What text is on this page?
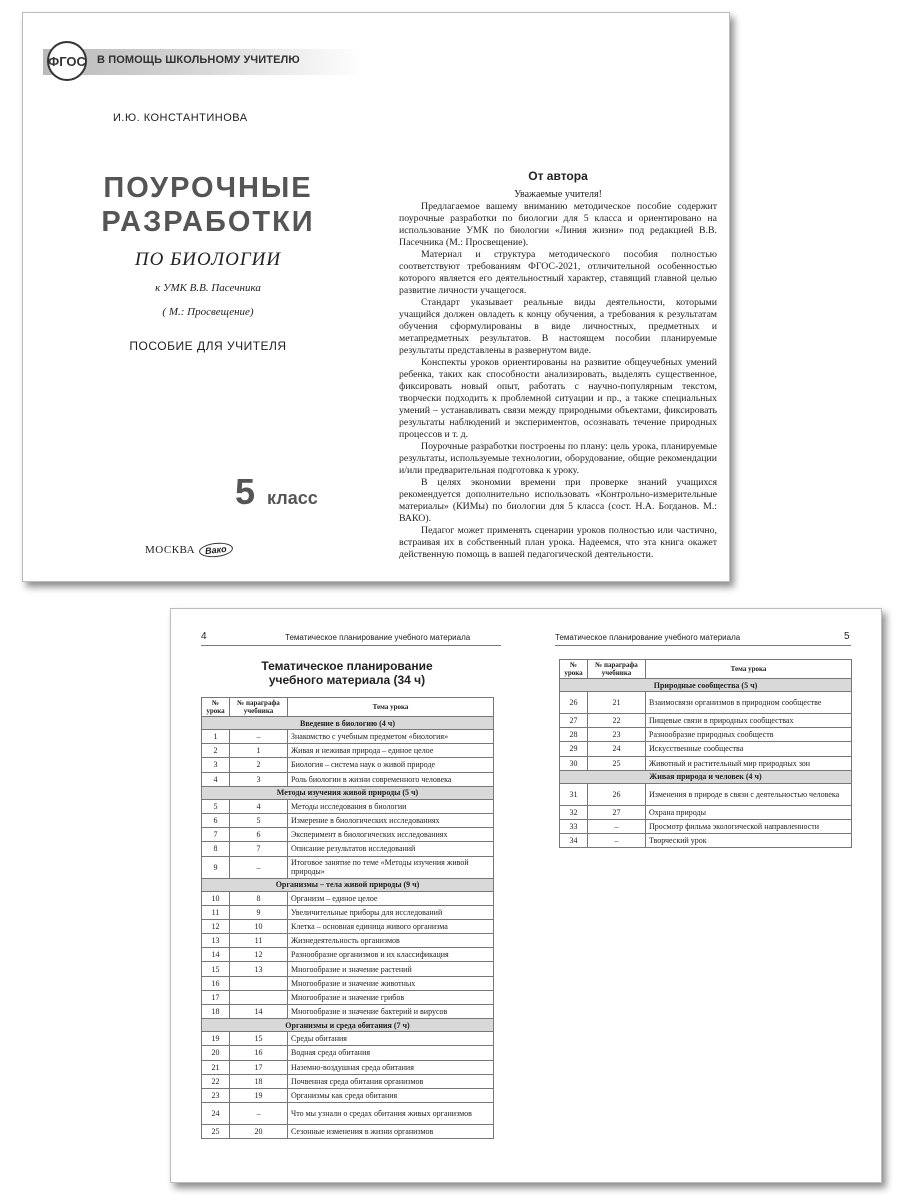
ФГОС В ПОМОЩЬ ШКОЛЬНОМУ УЧИТЕЛЮ
И.Ю. КОНСТАНТИНОВА
ПОУРОЧНЫЕ
РАЗРАБОТКИ
ПО БИОЛОГИИ
к УМК В.В. Пасечника
( М.: Просвещение)
ПОСОБИЕ ДЛЯ УЧИТЕЛЯ
5 класс
МОСКВА	Вако
От автора
Уважаемые учителя!

Предлагаемое вашему вниманию методическое пособие содержит поурочные разработки по биологии для 5 класса и ориентировано на использование УМК по биологии «Линия жизни» под редакцией В.В. Пасечника (М.: Просвещение).

Материал и структура методического пособия полностью соответствуют требованиям ФГОС-2021, отличительной особенностью которого является его деятельностный характер, ставящий главной целью развитие личности учащегося.

Стандарт указывает реальные виды деятельности, которыми учащийся должен овладеть к концу обучения, а требования к результатам обучения сформулированы в виде личностных, предметных и метапредметных результатов. В настоящем пособии планируемые результаты представлены в развернутом виде.

Конспекты уроков ориентированы на развитие общеучебных умений ребенка, таких как способности анализировать, выделять существенное, фиксировать новый опыт, работать с научно-популярным текстом, творчески подходить к проблемной ситуации и пр., а также специальных умений – устанавливать связи между природными объектами, фиксировать результаты наблюдений и экспериментов, осознавать течение природных процессов и т. д.

Поурочные разработки построены по плану: цель урока, планируемые результаты, используемые технологии, оборудование, общие рекомендации и/или предварительная подготовка к уроку.

В целях экономии времени при проверке знаний учащихся рекомендуется дополнительно использовать «Контрольно-измерительные материалы» (КИМы) по биологии для 5 класса (сост. Н.А. Богданов. М.: ВАКО).

Педагог может применять сценарии уроков полностью или частично, встраивая их в собственный план урока. Надеемся, что эта книга окажет действенную помощь в вашей педагогической деятельности.

4	Тематическое планирование учебного материала
Тематическое планирование
учебного материала (34 ч)
№ урока	№ параграфа учебника	Тема урока
Введение в биологию (4 ч)		
1	–	Знакомство с учебным предметом «биология»
2	1	Живая и неживая природа – единое целое
3	2	Биология – система наук о живой природе
4	3	Роль биологии в жизни современного человека
Методы изучения живой природы (5 ч)		
5	4	Методы исследования в биологии
6	5	Измерение в биологических исследованиях
7	6	Эксперимент в биологических исследованиях
8	7	Описание результатов исследований
9	–	Итоговое занятие по теме «Методы изучения живой природы»
Организмы – тела живой природы (9 ч)		
10	8	Организм – единое целое
11	9	Увеличительные приборы для исследований
12	10	Клетка – основная единица живого организма
13	11	Жизнедеятельность организмов
14	12	Разнообразие организмов и их классификация
15	13	Многообразие и значение растений
16		Многообразие и значение животных
17		Многообразие и значение грибов
18	14	Многообразие и значение бактерий и вирусов
Организмы и среда обитания (7 ч)		
19	15	Среды обитания
20	16	Водная среда обитания
21	17	Наземно-воздушная среда обитания
22	18	Почвенная среда обитания организмов
23	19	Организмы как среда обитания
24	–	Что мы узнали о средах обитания живых организмов
25	20	Сезонные изменения в жизни организмов
Тематическое планирование учебного материала	5
№ урока	№ параграфа учебника	Тема урока
Природные сообщества (5 ч)		
26	21	Взаимосвязи организмов в природном сообществе
27	22	Пищевые связи в природных сообществах
28	23	Разнообразие природных сообществ
29	24	Искусственные сообщества
30	25	Животный и растительный мир природных зон
Живая природа и человек (4 ч)		
31	26	Изменения в природе в связи с деятельностью человека
32	27	Охрана природы
33	–	Просмотр фильма экологической направленности
34	–	Творческий урок
